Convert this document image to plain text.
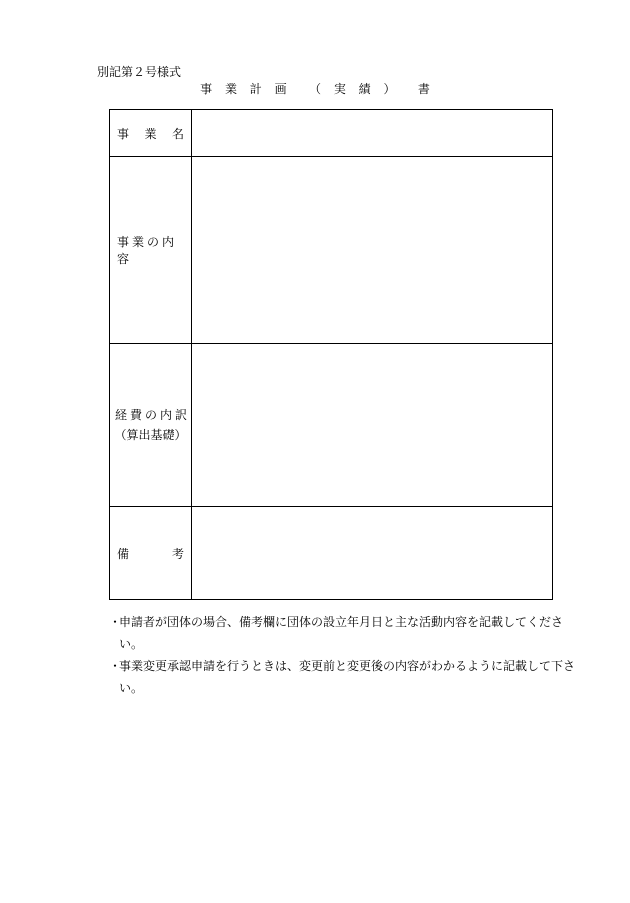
別記第２号様式
事 業 計 画 （ 実 績 ） 書
事 業 名	

事業の内容	

経費の内訳
（算出基礎）	

備 考	

・
申請者が団体の場合、備考欄に団体の設立年月日と主な活動内容を記載してください。
・
事業変更承認申請を行うときは、変更前と変更後の内容がわかるように記載して下さい。
